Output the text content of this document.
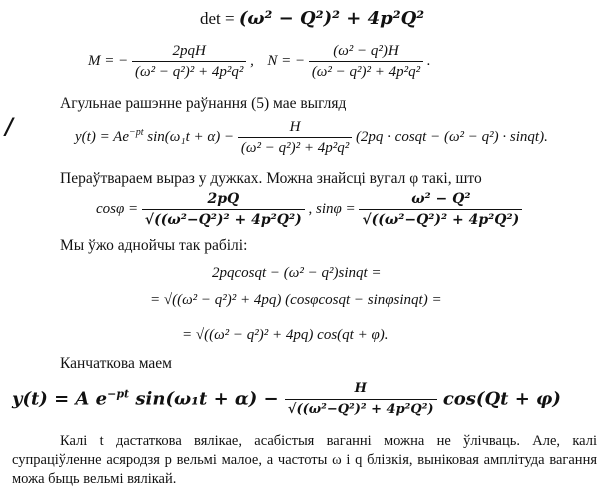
det = (ω² − Q²)² + 4p²Q²
M = − $\frac{\text{2pqH}}{\text{(ω² − q²)² + 4p²q²}}$ , N = − $\frac{\text{(ω² − q²)H}}{\text{(ω² − q²)² + 4p²q²}}$ .
Агульнае рашэнне раўнання (5) мае выгляд
/	$y(t) = Ae^{-pt}$ $\sin(\omega_1t + \alpha) - \frac{H}{\text{(ω² − q²)² + 4p²q²}} (2pq$ · cosqt − (ω² − q²) · sinqt).
Пераўтвараем выраз у дужках. Можна знайсці вугал φ такі, што
$\cos\varphi = \frac{2pQ}{\text{√((ω²−Q²)² + 4p²Q²)}}$ , $\sin\varphi = \frac{\text{ω² − Q²}}{\text{√((ω²−Q²)² + 4p²Q²)}}$
Мы ўжо аднойчы так рабілі:
2pqcosqt − (ω² − q²)sinqt =
= √((ω² − q²)² + 4pq) (cosφcosqt − sinφsinqt) =
= √((ω² − q²)² + 4pq) cos(qt + φ).
Канчаткова маем
y(t) = A $e^{-pt}$ $\sin(\omega_1t + \alpha) - \frac{H}{\text{√((ω²−Q²)² + 4p²Q²)}} \cos(Qt + \varphi)$
Калі t дастаткова вялікае, асабістыя ваганні можна не ўлічваць. Але, калі супраціўленне асяродзя p вельмі малое, а частоты ω і q блізкія, выніковая амплітуда вагання можа быць вельмі вялікай.
